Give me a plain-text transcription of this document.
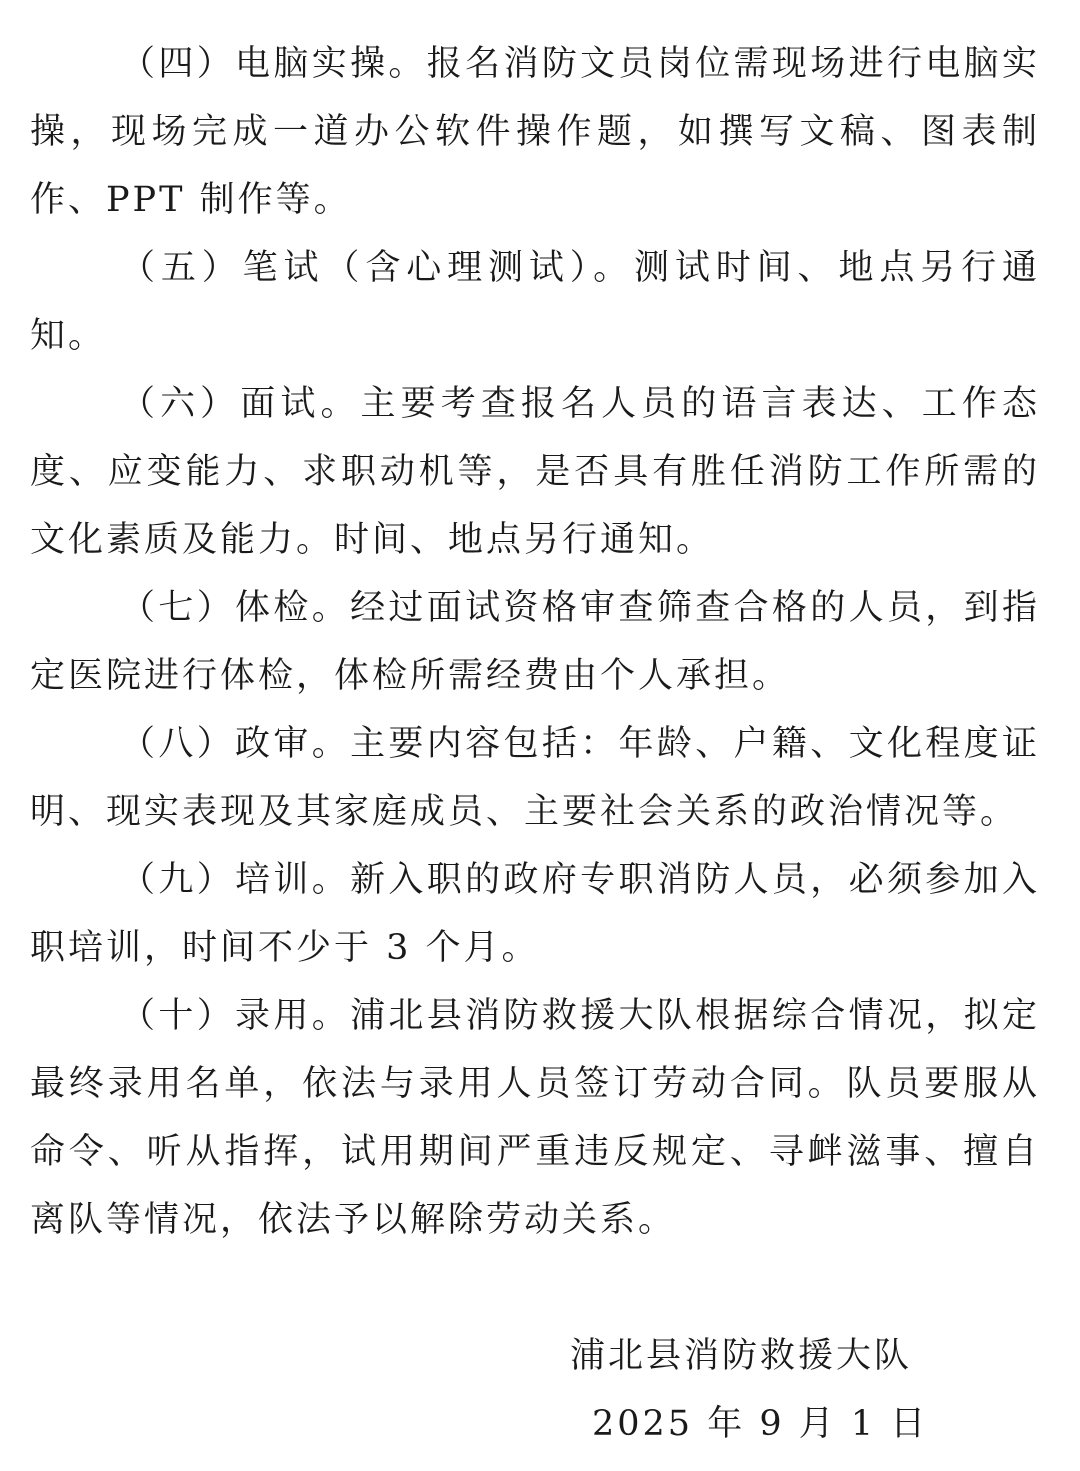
（四）电脑实操。报名消防文员岗位需现场进行电脑实操，现场完成一道办公软件操作题，如撰写文稿、图表制作、PPT 制作等。

（五）笔试（含心理测试）。测试时间、地点另行通知。

（六）面试。主要考查报名人员的语言表达、工作态度、应变能力、求职动机等，是否具有胜任消防工作所需的文化素质及能力。时间、地点另行通知。

（七）体检。经过面试资格审查筛查合格的人员，到指定医院进行体检，体检所需经费由个人承担。

（八）政审。主要内容包括：年龄、户籍、文化程度证明、现实表现及其家庭成员、主要社会关系的政治情况等。

（九）培训。新入职的政府专职消防人员，必须参加入职培训，时间不少于 3 个月。

（十）录用。浦北县消防救援大队根据综合情况，拟定最终录用名单，依法与录用人员签订劳动合同。队员要服从命令、听从指挥，试用期间严重违反规定、寻衅滋事、擅自离队等情况，依法予以解除劳动关系。

浦北县消防救援大队
2025 年 9 月 1 日
